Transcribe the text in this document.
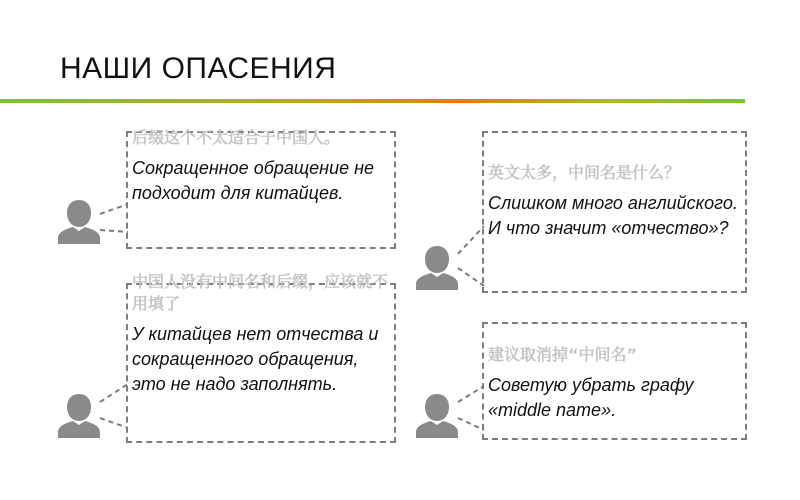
НАШИ ОПАСЕНИЯ
后缀这个不太适合于中国人。
Сокращенное обращение не подходит для китайцев.
中国人没有中间名和后缀，应该就不用填了
У китайцев нет отчества и сокращенного обращения, это не надо заполнять.
英文太多，中间名是什么？
Слишком много английского. И что значит «отчество»?
建议取消掉“中间名”
Советую убрать графу «middle name».
